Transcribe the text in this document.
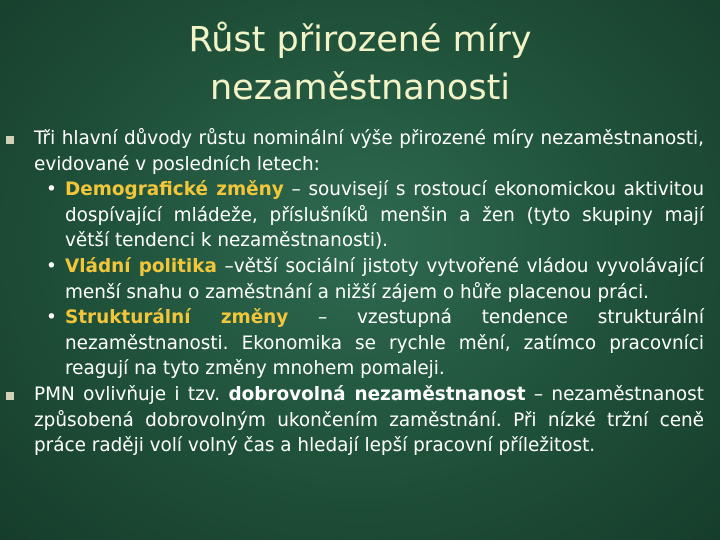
Růst přirozené míry
nezaměstnanosti
Tři hlavní důvody růstu nominální výše přirozené míry nezaměstnanosti, evidované v posledních letech:
• Demografické změny – souvisejí s rostoucí ekonomickou aktivitou dospívající mládeže, příslušníků menšin a žen (tyto skupiny mají větší tendenci k nezaměstnanosti).
• Vládní politika –větší sociální jistoty vytvořené vládou vyvolávající menší snahu o zaměstnání a nižší zájem o hůře placenou práci.
• Strukturální změny – vzestupná tendence strukturální nezaměstnanosti. Ekonomika se rychle mění, zatímco pracovníci reagují na tyto změny mnohem pomaleji.
PMN ovlivňuje i tzv. dobrovolná nezaměstnanost – nezaměstnanost způsobená dobrovolným ukončením zaměstnání. Při nízké tržní ceně práce raději volí volný čas a hledají lepší pracovní příležitost.
